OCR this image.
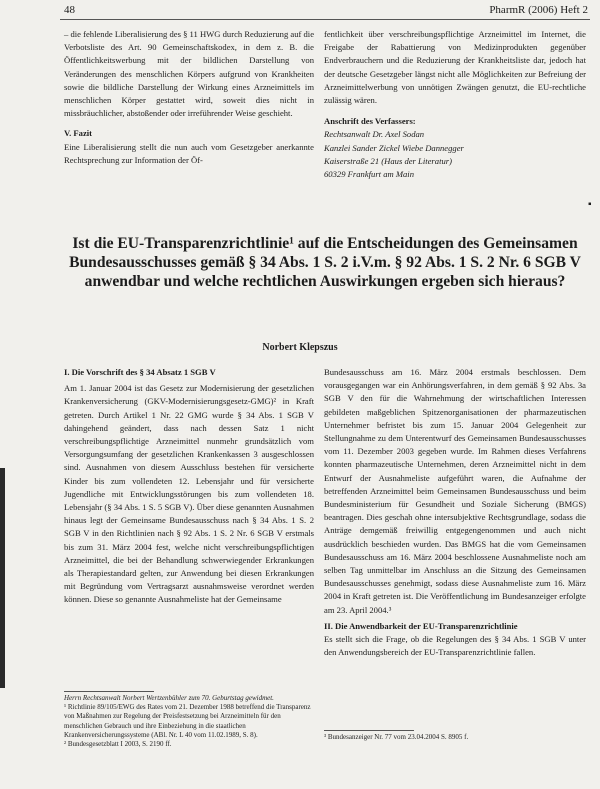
48	PharmR (2006) Heft 2

– die fehlende Liberalisierung des § 11 HWG durch Reduzierung auf die Verbotsliste des Art. 90 Gemeinschaftskodex, in dem z. B. die Öffentlichkeitswerbung mit der bildlichen Darstellung von Veränderungen des menschlichen Körpers aufgrund von Krankheiten sowie die bildliche Darstellung der Wirkung eines Arzneimittels im menschlichen Körper gestattet wird, soweit dies nicht in missbräuchlicher, abstoßender oder irreführender Weise geschieht.

V. Fazit

Eine Liberalisierung stellt die nun auch vom Gesetzgeber anerkannte Rechtsprechung zur Information der Öf-

fentlichkeit über verschreibungspflichtige Arzneimittel im Internet, die Freigabe der Rabattierung von Medizinprodukten gegenüber Endverbrauchern und die Reduzierung der Krankheitsliste dar, jedoch hat der deutsche Gesetzgeber längst nicht alle Möglichkeiten zur Befreiung der Arzneimittelwerbung von unnötigen Zwängen genutzt, die EU-rechtliche zulässig wären.

Anschrift des Verfassers:

Rechtsanwalt Dr. Axel Sodan

Kanzlei Sander Zickel Wiebe Dannegger

Kaiserstraße 21 (Haus der Literatur)

60329 Frankfurt am Main

▪

Ist die EU-Transparenzrichtlinie¹ auf die Entscheidungen des Gemeinsamen Bundesausschusses gemäß § 34 Abs. 1 S. 2 i.V.m. § 92 Abs. 1 S. 2 Nr. 6 SGB V anwendbar und welche rechtlichen Auswirkungen ergeben sich hieraus?

Norbert Klepszus

I. Die Vorschrift des § 34 Absatz 1 SGB V

Am 1. Januar 2004 ist das Gesetz zur Modernisierung der gesetzlichen Krankenversicherung (GKV-Modernisierungsgesetz-GMG)² in Kraft getreten. Durch Artikel 1 Nr. 22 GMG wurde § 34 Abs. 1 SGB V dahingehend geändert, dass nach dessen Satz 1 nicht verschreibungspflichtige Arzneimittel nunmehr grundsätzlich vom Versorgungsumfang der gesetzlichen Krankenkassen 3 ausgeschlossen sind. Ausnahmen von diesem Ausschluss bestehen für versicherte Kinder bis zum vollendeten 12. Lebensjahr und für versicherte Jugendliche mit Entwicklungsstörungen bis zum vollendeten 18. Lebensjahr (§ 34 Abs. 1 S. 5 SGB V). Über diese genannten Ausnahmen hinaus legt der Gemeinsame Bundesausschuss nach § 34 Abs. 1 S. 2 SGB V in den Richtlinien nach § 92 Abs. 1 S. 2 Nr. 6 SGB V erstmals bis zum 31. März 2004 fest, welche nicht verschreibungspflichtigen Arzneimittel, die bei der Behandlung schwerwiegender Erkrankungen als Therapiestandard gelten, zur Anwendung bei diesen Erkrankungen mit Begründung vom Vertragsarzt ausnahmsweise verordnet werden können. Diese so genannte Ausnahmeliste hat der Gemeinsame

Bundesausschuss am 16. März 2004 erstmals beschlossen. Dem vorausgegangen war ein Anhörungsverfahren, in dem gemäß § 92 Abs. 3a SGB V den für die Wahrnehmung der wirtschaftlichen Interessen gebildeten maßgeblichen Spitzenorganisationen der pharmazeutischen Unternehmer befristet bis zum 15. Januar 2004 Gelegenheit zur Stellungnahme zu dem Unterentwurf des Gemeinsamen Bundesausschusses vom 11. Dezember 2003 gegeben wurde. Im Rahmen dieses Verfahrens konnten pharmazeutische Unternehmen, deren Arzneimittel nicht in dem Entwurf der Ausnahmeliste aufgeführt waren, die Aufnahme der betreffenden Arzneimittel beim Gemeinsamen Bundesausschuss und beim Bundesministerium für Gesundheit und Soziale Sicherung (BMGS) beantragen. Dies geschah ohne intersubjektive Rechtsgrundlage, sodass die Anträge demgemäß freiwillig entgegengenommen und auch nicht ausdrücklich beschieden wurden. Das BMGS hat die vom Gemeinsamen Bundesausschuss am 16. März 2004 beschlossene Ausnahmeliste noch am selben Tag unmittelbar im Anschluss an die Sitzung des Gemeinsamen Bundesausschusses genehmigt, sodass diese Ausnahmeliste zum 16. März 2004 in Kraft getreten ist. Die Veröffentlichung im Bundesanzeiger erfolgte am 23. April 2004.³

II. Die Anwendbarkeit der EU-Transparenzrichtlinie

Es stellt sich die Frage, ob die Regelungen des § 34 Abs. 1 SGB V unter den Anwendungsbereich der EU-Transparenzrichtlinie fallen.

Herrn Rechtsanwalt Norbert Wertzenbühler zum 70. Geburtstag gewidmet.

¹ Richtlinie 89/105/EWG des Rates vom 21. Dezember 1988 betreffend die Transparenz von Maßnahmen zur Regelung der Preisfestsetzung bei Arzneimitteln für den menschlichen Gebrauch und ihre Einbeziehung in die staatlichen Krankenversicherungssysteme (ABl. Nr. L 40 vom 11.02.1989, S. 8).

² Bundesgesetzblatt I 2003, S. 2190 ff.

³ Bundesanzeiger Nr. 77 vom 23.04.2004 S. 8905 f.
